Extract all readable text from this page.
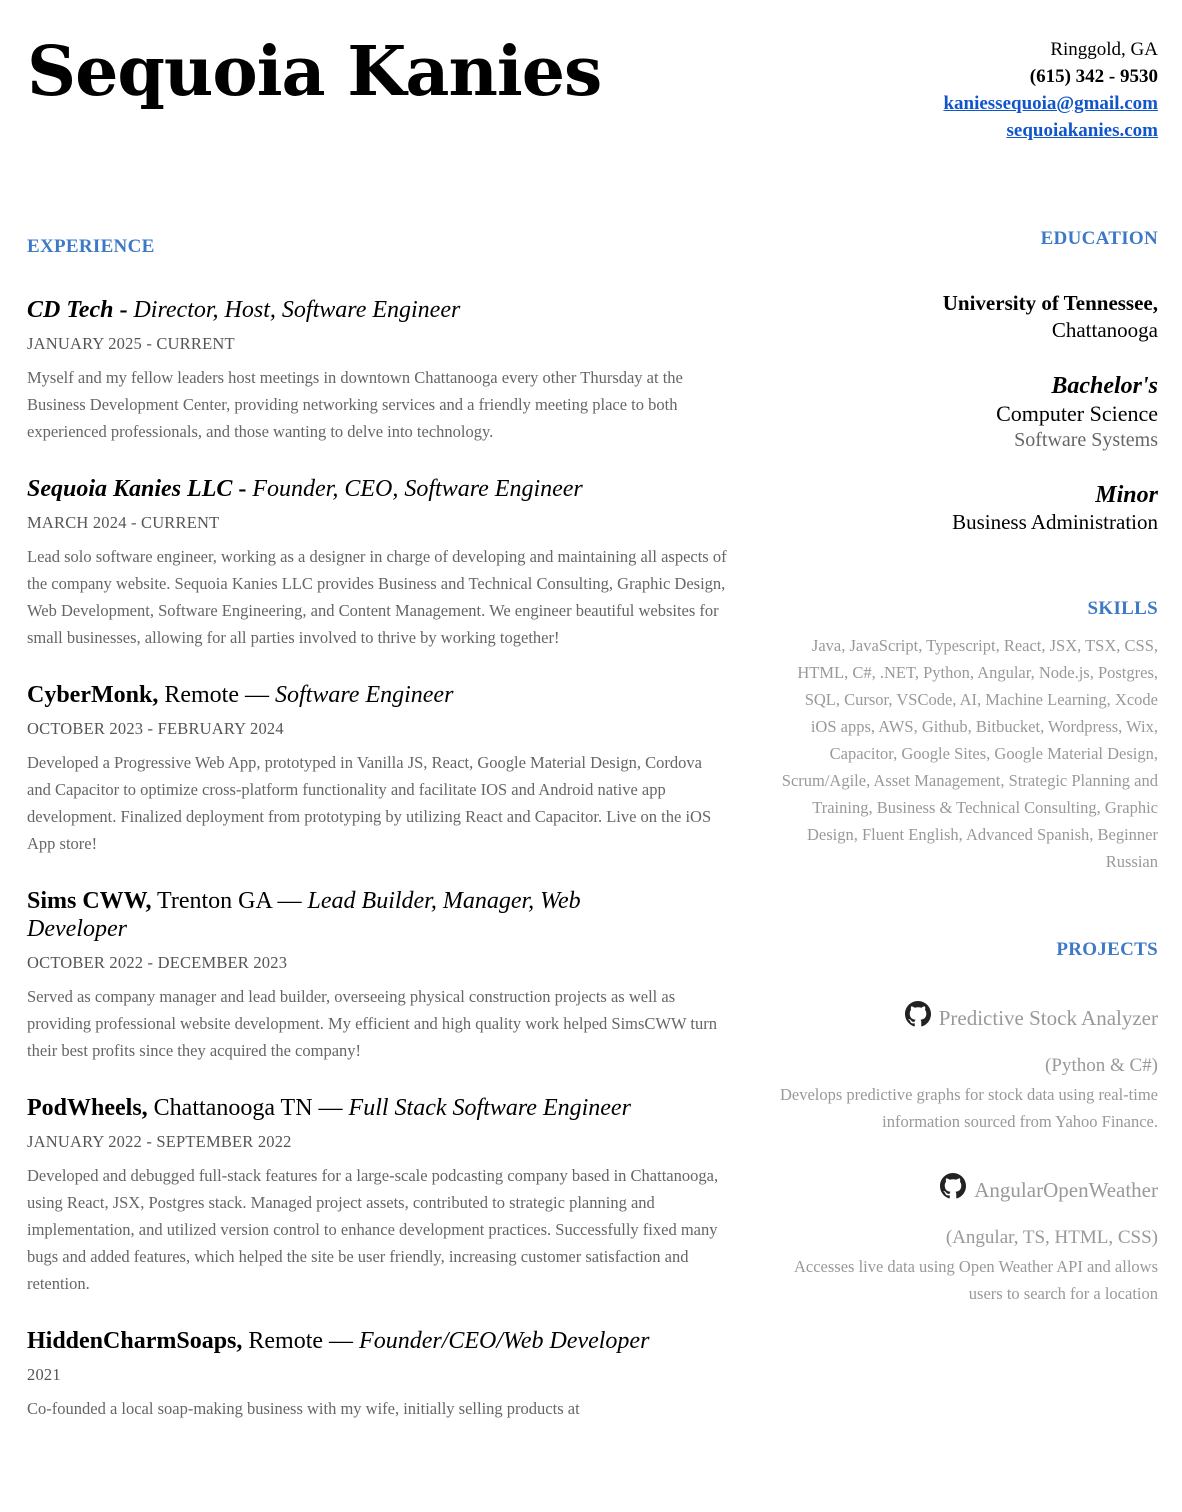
Sequoia Kanies	Ringgold, GA
(615) 342 - 9530
kaniessequoia@gmail.com
sequoiakanies.com
EXPERIENCE
CD Tech - Director, Host, Software Engineer
JANUARY 2025 - CURRENT
Myself and my fellow leaders host meetings in downtown Chattanooga every other Thursday at the Business Development Center, providing networking services and a friendly meeting place to both experienced professionals, and those wanting to delve into technology.
Sequoia Kanies LLC - Founder, CEO, Software Engineer
MARCH 2024 - CURRENT
Lead solo software engineer, working as a designer in charge of developing and maintaining all aspects of the company website. Sequoia Kanies LLC provides Business and Technical Consulting, Graphic Design, Web Development, Software Engineering, and Content Management. We engineer beautiful websites for small businesses, allowing for all parties involved to thrive by working together!
CyberMonk, Remote — Software Engineer
OCTOBER 2023 - FEBRUARY 2024
Developed a Progressive Web App, prototyped in Vanilla JS, React, Google Material Design, Cordova and Capacitor to optimize cross-platform functionality and facilitate IOS and Android native app development. Finalized deployment from prototyping by utilizing React and Capacitor. Live on the iOS App store!
Sims CWW, Trenton GA — Lead Builder, Manager, Web Developer
OCTOBER 2022 - DECEMBER 2023
Served as company manager and lead builder, overseeing physical construction projects as well as providing professional website development. My efficient and high quality work helped SimsCWW turn their best profits since they acquired the company!
PodWheels, Chattanooga TN — Full Stack Software Engineer
JANUARY 2022 - SEPTEMBER 2022
Developed and debugged full-stack features for a large-scale podcasting company based in Chattanooga, using React, JSX, Postgres stack. Managed project assets, contributed to strategic planning and implementation, and utilized version control to enhance development practices. Successfully fixed many bugs and added features, which helped the site be user friendly, increasing customer satisfaction and retention.
HiddenCharmSoaps, Remote — Founder/CEO/Web Developer
2021
Co-founded a local soap-making business with my wife, initially selling products at
EDUCATION
University of Tennessee,
Chattanooga
Bachelor's
Computer Science
Software Systems
Minor
Business Administration
SKILLS
Java, JavaScript, Typescript, React, JSX, TSX, CSS, HTML, C#, .NET, Python, Angular, Node.js, Postgres, SQL, Cursor, VSCode, AI, Machine Learning, Xcode iOS apps, AWS, Github, Bitbucket, Wordpress, Wix, Capacitor, Google Sites, Google Material Design, Scrum/Agile, Asset Management, Strategic Planning and Training, Business & Technical Consulting, Graphic Design, Fluent English, Advanced Spanish, Beginner Russian
PROJECTS
Predictive Stock Analyzer
(Python & C#)
Develops predictive graphs for stock data using real-time information sourced from Yahoo Finance.
AngularOpenWeather
(Angular, TS, HTML, CSS)
Accesses live data using Open Weather API and allows users to search for a location
